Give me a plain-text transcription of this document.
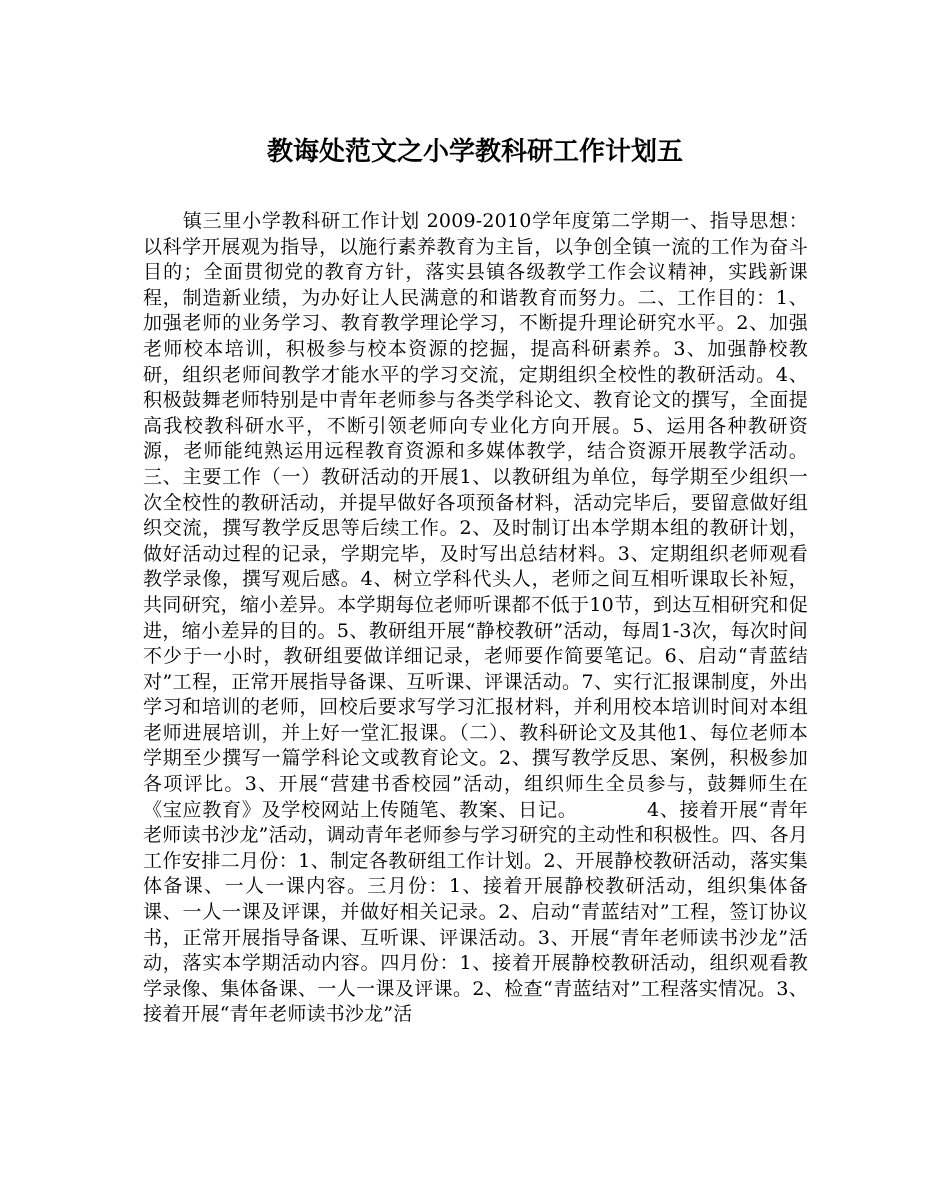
教诲处范文之小学教科研工作计划五

镇三里小学教科研工作计划 2009-2010学年度第二学期一、指导思想：以科学开展观为指导，以施行素养教育为主旨，以争创全镇一流的工作为奋斗目的；全面贯彻党的教育方针，落实县镇各级教学工作会议精神，实践新课程，制造新业绩，为办好让人民满意的和谐教育而努力。二、工作目的：1、加强老师的业务学习、教育教学理论学习，不断提升理论研究水平。2、加强老师校本培训，积极参与校本资源的挖掘，提高科研素养。3、加强静校教研，组织老师间教学才能水平的学习交流，定期组织全校性的教研活动。4、积极鼓舞老师特别是中青年老师参与各类学科论文、教育论文的撰写，全面提高我校教科研水平，不断引领老师向专业化方向开展。5、运用各种教研资源，老师能纯熟运用远程教育资源和多媒体教学，结合资源开展教学活动。三、主要工作（一）教研活动的开展1、以教研组为单位，每学期至少组织一次全校性的教研活动，并提早做好各项预备材料，活动完毕后，要留意做好组织交流，撰写教学反思等后续工作。2、及时制订出本学期本组的教研计划，做好活动过程的记录，学期完毕，及时写出总结材料。3、定期组织老师观看教学录像，撰写观后感。4、树立学科代头人，老师之间互相听课取长补短，共同研究，缩小差异。本学期每位老师听课都不低于10节，到达互相研究和促进，缩小差异的目的。5、教研组开展“静校教研”活动，每周1-3次，每次时间不少于一小时，教研组要做详细记录，老师要作简要笔记。6、启动“青蓝结对”工程，正常开展指导备课、互听课、评课活动。7、实行汇报课制度，外出学习和培训的老师，回校后要求写学习汇报材料，并利用校本培训时间对本组老师进展培训，并上好一堂汇报课。（二）、教科研论文及其他1、每位老师本学期至少撰写一篇学科论文或教育论文。2、撰写教学反思、案例，积极参加各项评比。3、开展“营建书香校园”活动，组织师生全员参与，鼓舞师生在《宝应教育》及学校网站上传随笔、教案、日记。　　　　4、接着开展“青年老师读书沙龙”活动，调动青年老师参与学习研究的主动性和积极性。四、各月工作安排二月份：1、制定各教研组工作计划。2、开展静校教研活动，落实集体备课、一人一课内容。三月份：1、接着开展静校教研活动，组织集体备课、一人一课及评课，并做好相关记录。2、启动“青蓝结对”工程，签订协议书，正常开展指导备课、互听课、评课活动。3、开展“青年老师读书沙龙”活动，落实本学期活动内容。四月份：1、接着开展静校教研活动，组织观看教学录像、集体备课、一人一课及评课。2、检查“青蓝结对”工程落实情况。3、接着开展“青年老师读书沙龙”活
